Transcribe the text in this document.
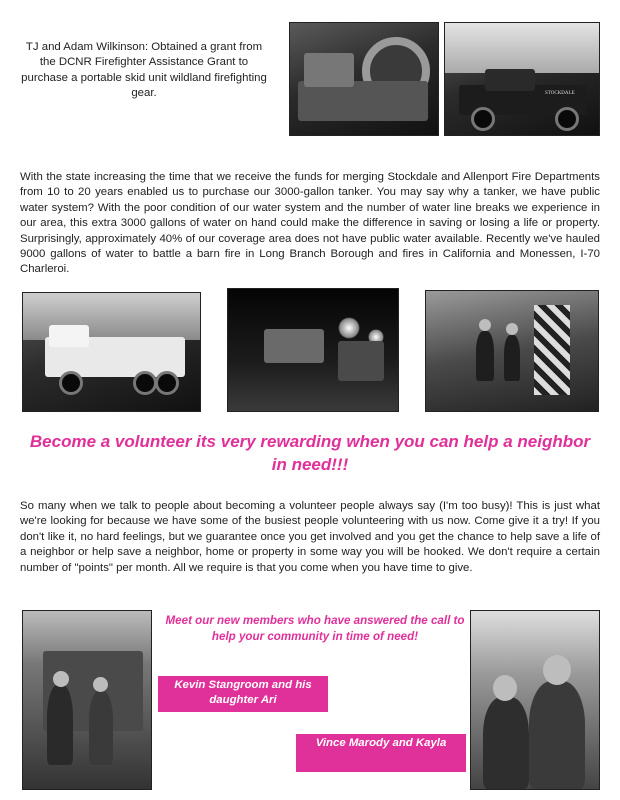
STOCKDALE
TJ and Adam Wilkinson: Obtained a grant from the DCNR Firefighter Assistance Grant to purchase a portable skid unit wildland firefighting gear.
With the state increasing the time that we receive the funds for merging Stockdale and Allenport Fire Departments from 10 to 20 years enabled us to purchase our 3000-gallon tanker. You may say why a tanker, we have public water system? With the poor condition of our water system and the number of water line breaks we experience in our area, this extra 3000 gallons of water on hand could make the difference in saving or losing a life or property. Surprisingly, approximately 40% of our coverage area does not have public water available. Recently we've hauled 9000 gallons of water to battle a barn fire in Long Branch Borough and fires in California and Monessen, I-70 Charleroi.
Become a volunteer its very rewarding when you can help a neighbor in need!!!
So many when we talk to people about becoming a volunteer people always say (I'm too busy)! This is just what we're looking for because we have some of the busiest people volunteering with us now. Come give it a try! If you don't like it, no hard feelings, but we guarantee once you get involved and you get the chance to help save a life of a neighbor or help save a neighbor, home or property in some way you will be hooked. We don't require a certain number of "points" per month. All we require is that you come when you have time to give.
Meet our new members who have answered the call to help your community in time of need!
Kevin Stangroom and his daughter Ari
Vince Marody and Kayla
